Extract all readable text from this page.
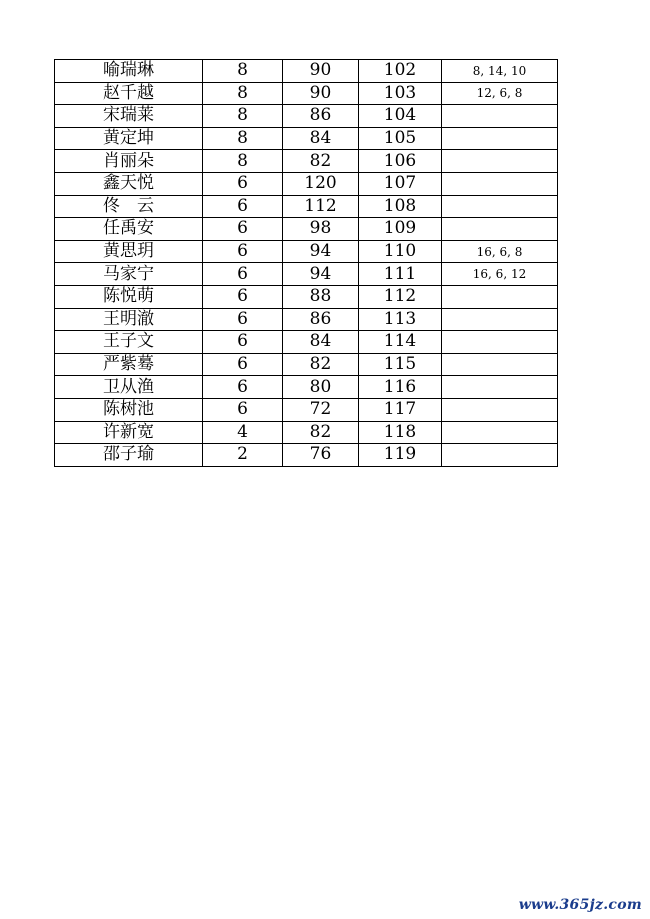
喻瑞琳	8	90	102	8, 14, 10
赵千越	8	90	103	12, 6, 8
宋瑞莱	8	86	104	
黄定坤	8	84	105	
肖丽朵	8	82	106	
鑫天悦	6	120	107	
佟　云	6	112	108	
任禹安	6	98	109	
黄思玥	6	94	110	16, 6, 8
马家宁	6	94	111	16, 6, 12
陈悦萌	6	88	112	
王明澈	6	86	113	
王子文	6	84	114	
严紫蓦	6	82	115	
卫从渔	6	80	116	
陈树池	6	72	117	
许新宽	4	82	118	
邵子瑜	2	76	119	
www.365jz.com
